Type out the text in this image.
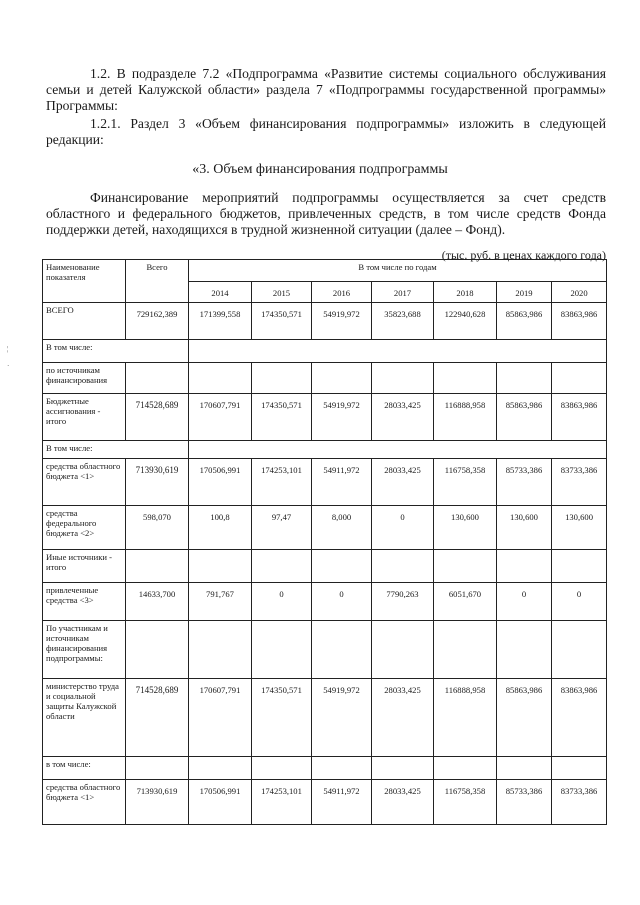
1.2. В подразделе 7.2 «Подпрограмма «Развитие системы социального обслуживания семьи и детей Калужской области» раздела 7 «Подпрограммы государственной программы» Программы:
1.2.1. Раздел 3 «Объем финансирования подпрограммы» изложить в следующей редакции:
«3. Объем финансирования подпрограммы
Финансирование мероприятий подпрограммы осуществляется за счет средств областного и федерального бюджетов, привлеченных средств, в том числе средств Фонда поддержки детей, находящихся в трудной жизненной ситуации (далее – Фонд).
(тыс. руб. в ценах каждого года)
¦
·
Наименование показателя	Всего	В том числе по годам						
		2014	2015	2016	2017	2018	2019	2020
ВСЕГО	729162,389	171399,558	174350,571	54919,972	35823,688	122940,628	85863,986	83863,986
В том числе:								
по источникам финансирования								
Бюджетные ассигнования - итого	714528,689	170607,791	174350,571	54919,972	28033,425	116888,958	85863,986	83863,986
В том числе:								
средства областного бюджета <1>	713930,619	170506,991	174253,101	54911,972	28033,425	116758,358	85733,386	83733,386
средства федерального бюджета <2>	598,070	100,8	97,47	8,000	0	130,600	130,600	130,600
Иные источники - итого								
привлеченные средства <3>	14633,700	791,767	0	0	7790,263	6051,670	0	0
По участникам и источникам финансирования подпрограммы:								
министерство труда и социальной защиты Калужской области	714528,689	170607,791	174350,571	54919,972	28033,425	116888,958	85863,986	83863,986
в том числе:								
средства областного бюджета <1>	713930,619	170506,991	174253,101	54911,972	28033,425	116758,358	85733,386	83733,386
